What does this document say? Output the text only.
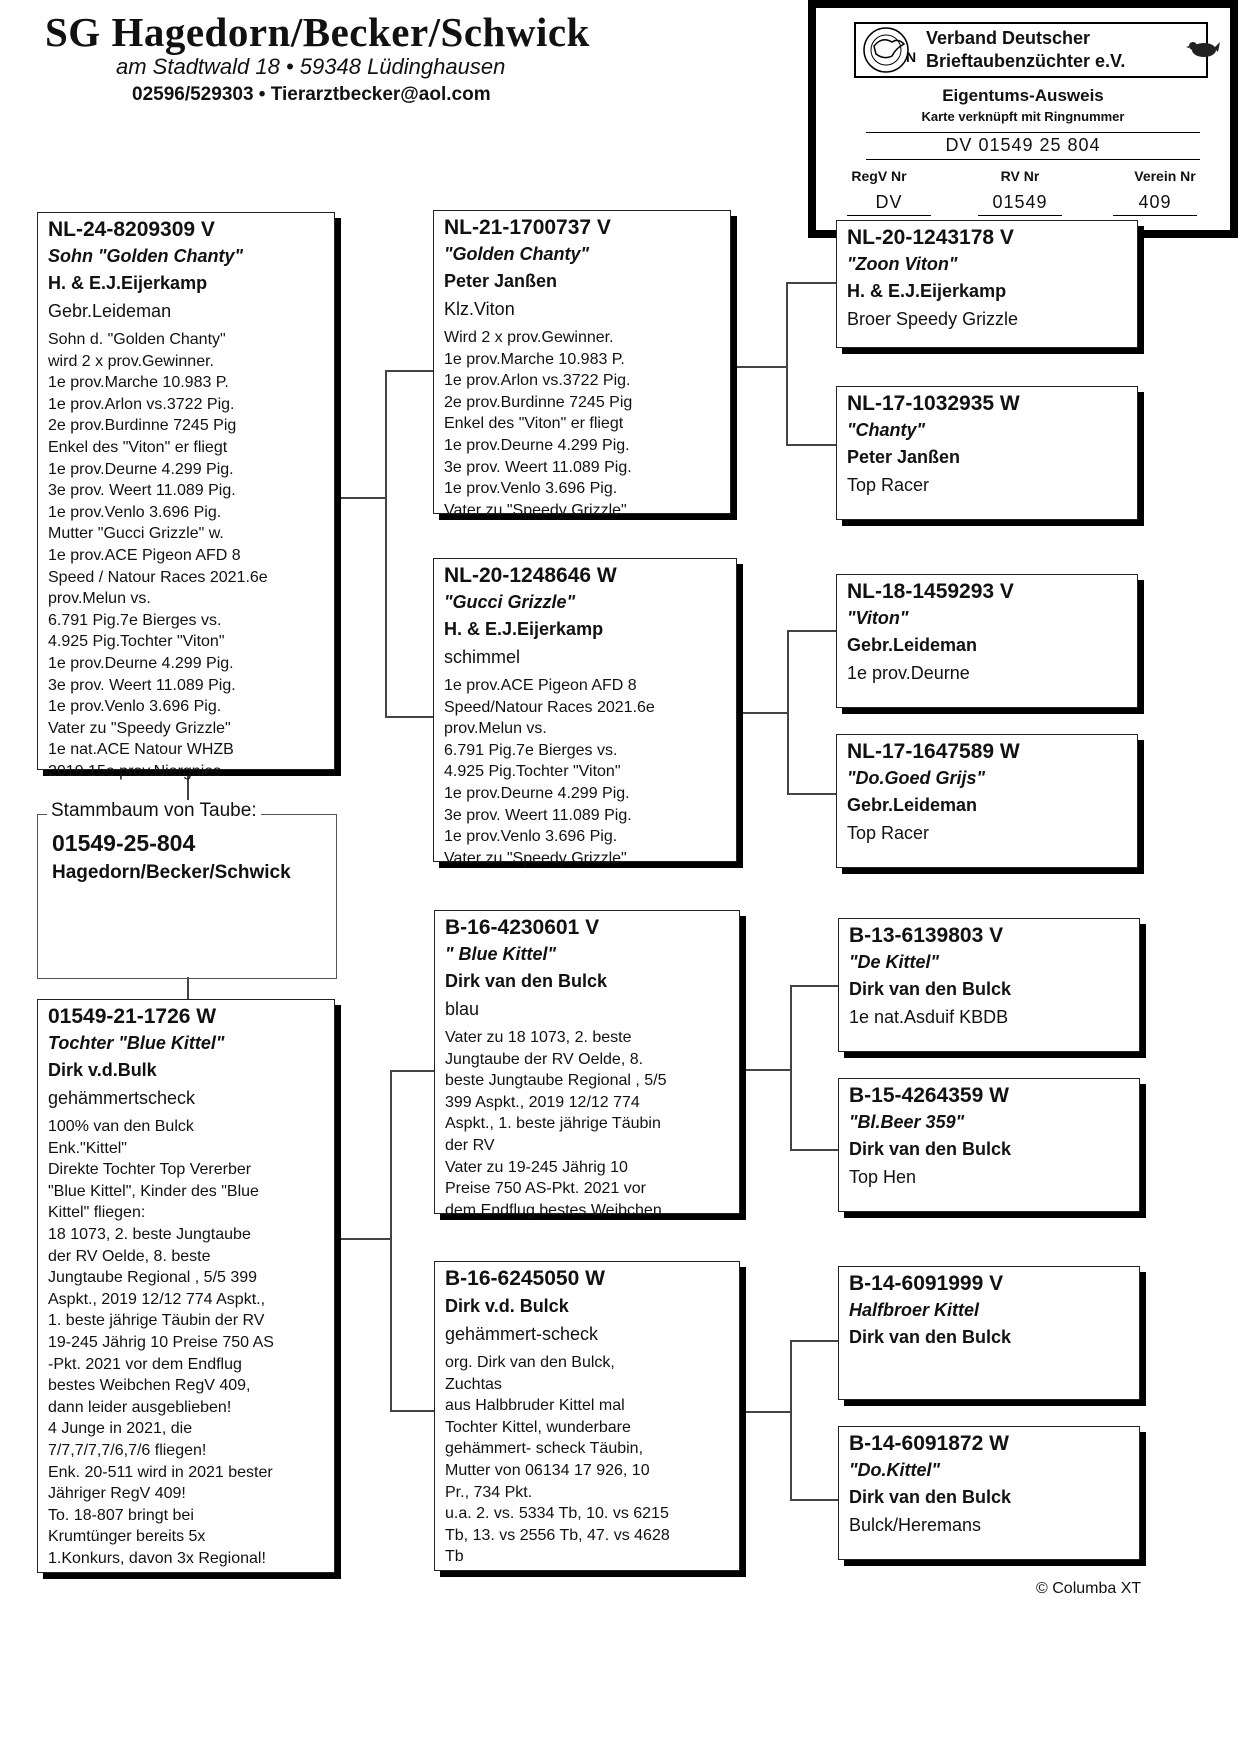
SG Hagedorn/Becker/Schwick
am Stadtwald 18 • 59348 Lüdinghausen
02596/529303 • Tierarztbecker@aol.com
N
Verband Deutscher
Brieftaubenzüchter e.V.
Eigentums-Ausweis
Karte verknüpft mit Ringnummer
DV 01549 25 804
RegV Nr	RV Nr	Verein Nr
DV	01549	409
Stammbaum von Taube:
01549-25-804
Hagedorn/Becker/Schwick
NL-24-8209309 V
Sohn "Golden Chanty"
H. & E.J.Eijerkamp
Gebr.Leideman
Sohn d. "Golden Chanty"
wird 2 x prov.Gewinner.
1e prov.Marche 10.983 P.
1e prov.Arlon vs.3722 Pig.
2e prov.Burdinne 7245 Pig
Enkel des "Viton" er fliegt
1e prov.Deurne 4.299 Pig.
3e prov. Weert 11.089 Pig.
1e prov.Venlo 3.696 Pig.
Mutter "Gucci Grizzle" w.
1e prov.ACE Pigeon AFD 8
Speed / Natour Races 2021.6e
prov.Melun vs.
6.791 Pig.7e Bierges vs.
4.925 Pig.Tochter "Viton"
1e prov.Deurne 4.299 Pig.
3e prov. Weert 11.089 Pig.
1e prov.Venlo 3.696 Pig.
Vater zu "Speedy Grizzle"
1e nat.ACE Natour WHZB
2019 15e prov.Niergnies
01549-21-1726 W
Tochter "Blue Kittel"
Dirk v.d.Bulk
gehämmertscheck
100% van den Bulck
Enk."Kittel"
Direkte Tochter Top Vererber
"Blue Kittel", Kinder des "Blue
Kittel" fliegen:
18 1073, 2. beste Jungtaube
der RV Oelde, 8. beste
Jungtaube Regional , 5/5 399
Aspkt., 2019 12/12 774 Aspkt.,
1. beste jährige Täubin der RV
19-245 Jährig 10 Preise 750 AS
-Pkt. 2021 vor dem Endflug
bestes Weibchen RegV 409,
dann leider ausgeblieben!
4 Junge in 2021, die
7/7,7/7,7/6,7/6 fliegen!
Enk. 20-511 wird in 2021 bester
Jähriger RegV 409!
To. 18-807 bringt bei
Krumtünger bereits 5x
1.Konkurs, davon 3x Regional!
NL-21-1700737 V
"Golden Chanty"
Peter Janßen
Klz.Viton
Wird 2 x prov.Gewinner.
1e prov.Marche 10.983 P.
1e prov.Arlon vs.3722 Pig.
2e prov.Burdinne 7245 Pig
Enkel des "Viton" er fliegt
1e prov.Deurne 4.299 Pig.
3e prov. Weert 11.089 Pig.
1e prov.Venlo 3.696 Pig.
Vater zu "Speedy Grizzle"
NL-20-1248646 W
"Gucci Grizzle"
H. & E.J.Eijerkamp
schimmel
1e prov.ACE Pigeon AFD 8
Speed/Natour Races 2021.6e
prov.Melun vs.
6.791 Pig.7e Bierges vs.
4.925 Pig.Tochter "Viton"
1e prov.Deurne 4.299 Pig.
3e prov. Weert 11.089 Pig.
1e prov.Venlo 3.696 Pig.
Vater zu "Speedy Grizzle"
B-16-4230601 V
" Blue Kittel"
Dirk van den Bulck
blau
Vater zu 18 1073, 2. beste
Jungtaube der RV Oelde, 8.
beste Jungtaube Regional , 5/5
399 Aspkt., 2019 12/12 774
Aspkt., 1. beste jährige Täubin
der RV
Vater zu 19-245 Jährig 10
Preise 750 AS-Pkt. 2021 vor
dem Endflug bestes Weibchen
B-16-6245050 W
Dirk v.d. Bulck
gehämmert-scheck
org. Dirk van den Bulck,
Zuchtas
aus Halbbruder Kittel mal
Tochter Kittel, wunderbare
gehämmert- scheck Täubin,
Mutter von 06134 17 926, 10
Pr., 734 Pkt.
u.a. 2. vs. 5334 Tb, 10. vs 6215
Tb, 13. vs 2556 Tb, 47. vs 4628
Tb
NL-20-1243178 V
"Zoon Viton"
H. & E.J.Eijerkamp
Broer Speedy Grizzle
NL-17-1032935 W
"Chanty"
Peter Janßen
Top Racer
NL-18-1459293 V
"Viton"
Gebr.Leideman
1e prov.Deurne
NL-17-1647589 W
"Do.Goed Grijs"
Gebr.Leideman
Top Racer
B-13-6139803 V
"De Kittel"
Dirk van den Bulck
1e nat.Asduif KBDB
B-15-4264359 W
"Bl.Beer 359"
Dirk van den Bulck
Top Hen
B-14-6091999 V
Halfbroer Kittel
Dirk van den Bulck
B-14-6091872 W
"Do.Kittel"
Dirk van den Bulck
Bulck/Heremans
© Columba XT
